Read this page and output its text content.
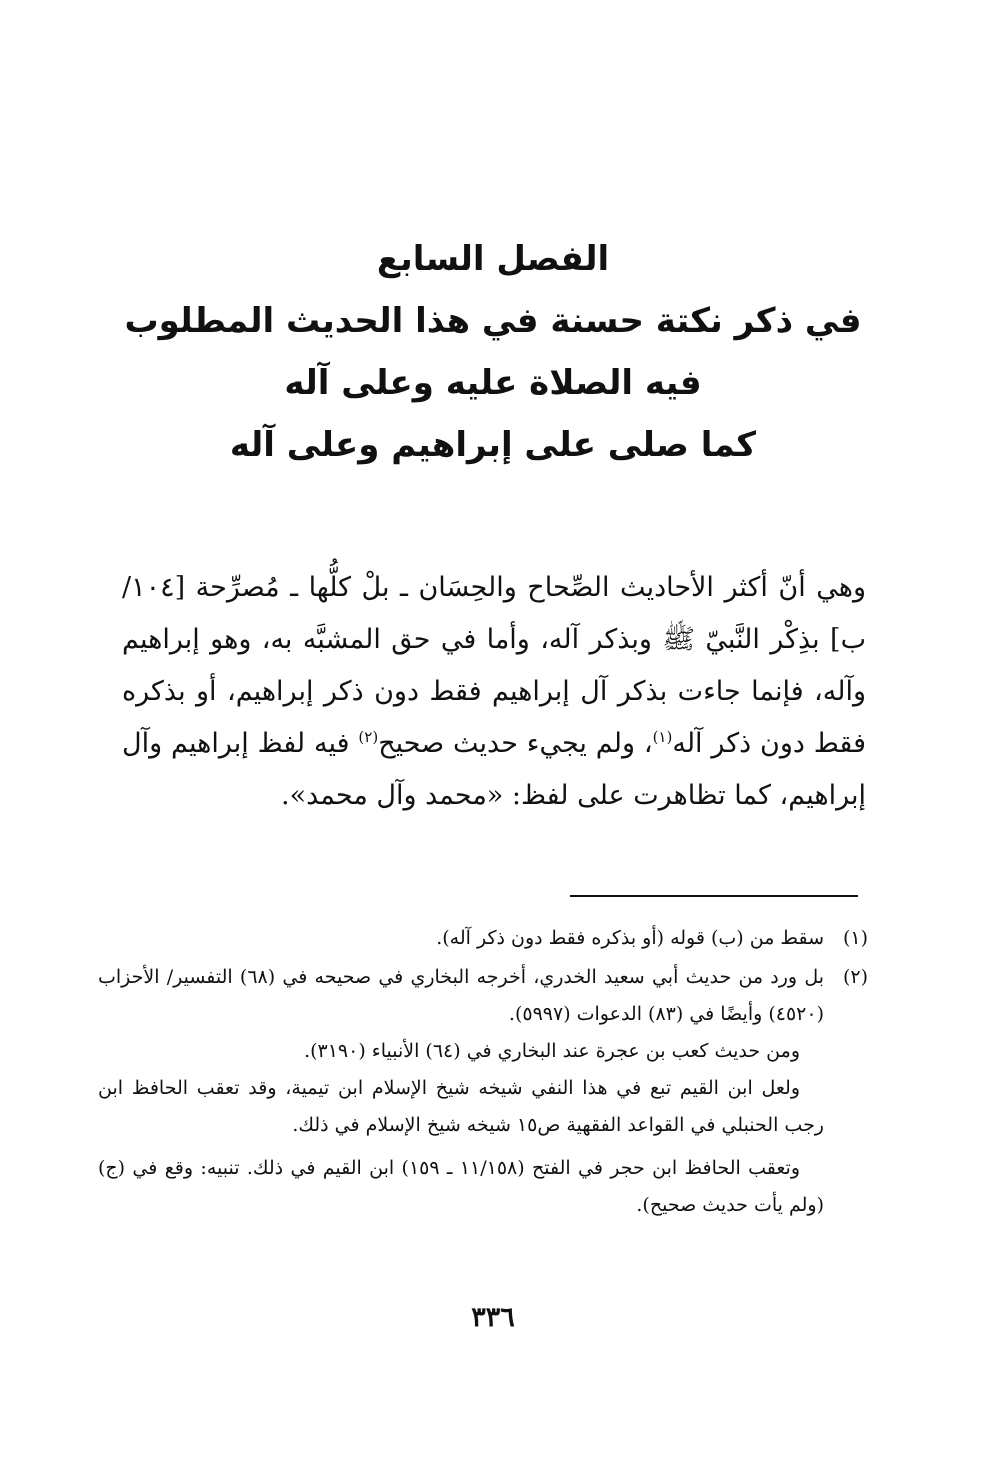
الفصل السابع
في ذكر نكتة حسنة في هذا الحديث المطلوب
فيه الصلاة عليه وعلى آله
كما صلى على إبراهيم وعلى آله

وهي أنّ أكثر الأحاديث الصِّحاح والحِسَان ـ بلْ كلُّها ـ مُصرِّحة [١٠٤/ب] بذِكْر النَّبيّ ﷺ وبذكر آله، وأما في حق المشبَّه به، وهو إبراهيم وآله، فإنما جاءت بذكر آل إبراهيم فقط دون ذكر إبراهيم، أو بذكره فقط دون ذكر آله$^{(١)}$، ولم يجيء حديث صحيح$^{(٢)}$ فيه لفظ إبراهيم وآل إبراهيم، كما تظاهرت على لفظ: «محمد وآل محمد».

(١)

سقط من (ب) قوله (أو بذكره فقط دون ذكر آله).

(٢)

بل ورد من حديث أبي سعيد الخدري، أخرجه البخاري في صحيحه في (٦٨) التفسير/ الأحزاب (٤٥٢٠) وأيضًا في (٨٣) الدعوات (٥٩٩٧).

ومن حديث كعب بن عجرة عند البخاري في (٦٤) الأنبياء (٣١٩٠).

ولعل ابن القيم تبع في هذا النفي شيخه شيخ الإسلام ابن تيمية، وقد تعقب الحافظ ابن رجب الحنبلي في القواعد الفقهية ص١٥ شيخه شيخ الإسلام في ذلك.

وتعقب الحافظ ابن حجر في الفتح (١١/١٥٨ ـ ١٥٩) ابن القيم في ذلك. تنبيه: وقع في (ج) (ولم يأت حديث صحيح).

٣٣٦
